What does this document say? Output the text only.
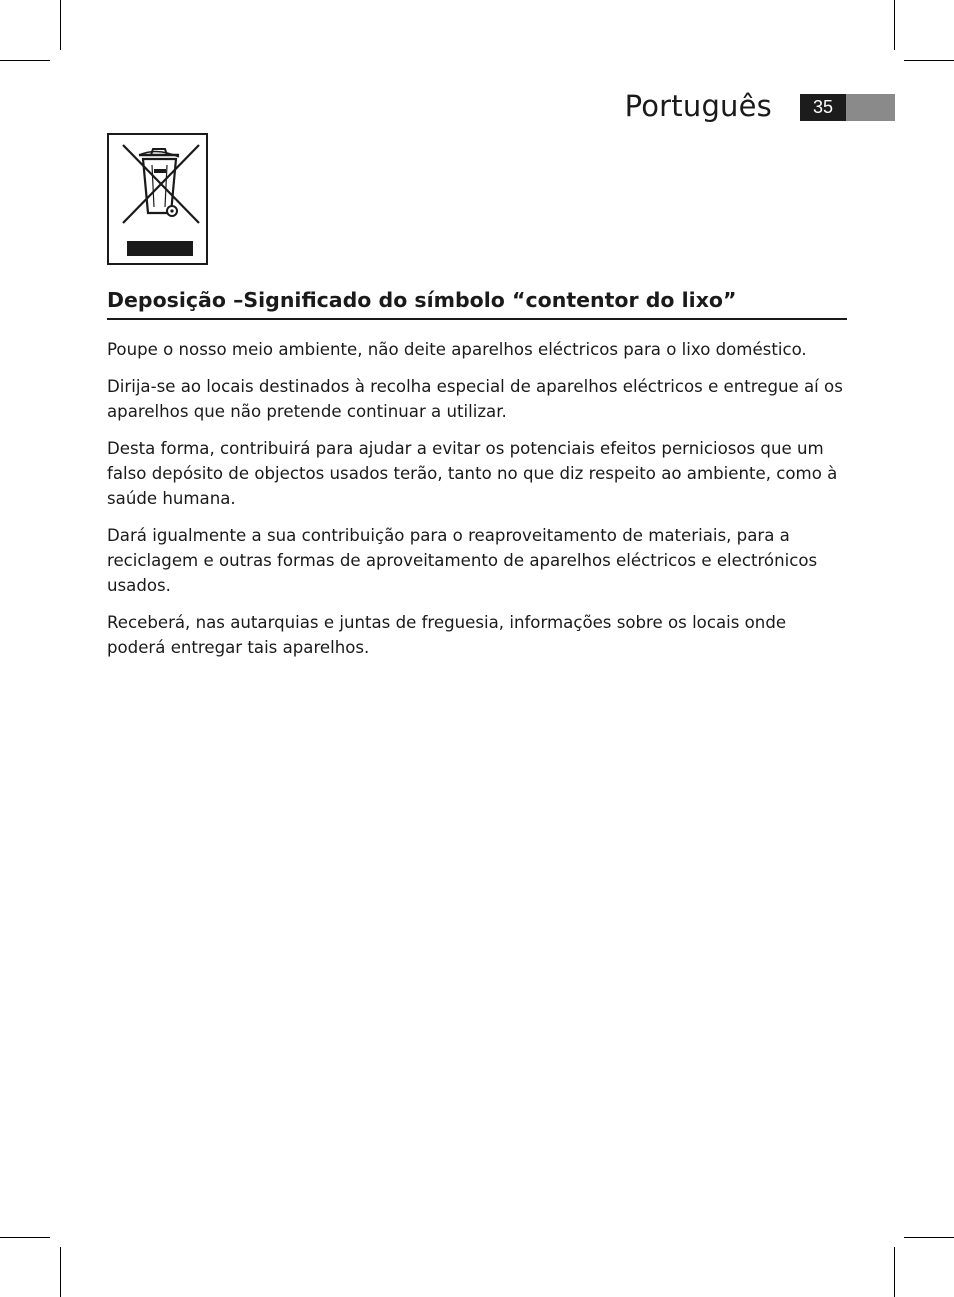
Português	35
Deposição –Significado do símbolo “contentor do lixo”

Poupe o nosso meio ambiente, não deite aparelhos eléctricos para o lixo doméstico.

Dirija-se ao locais destinados à recolha especial de aparelhos eléctricos e entregue aí os aparelhos que não pretende continuar a utilizar.

Desta forma, contribuirá para ajudar a evitar os potenciais efeitos perniciosos que um falso depósito de objectos usados terão, tanto no que diz respeito ao ambiente, como à saúde humana.

Dará igualmente a sua contribuição para o reaproveitamento de materiais, para a reciclagem e outras formas de aproveitamento de aparelhos eléctricos e electrónicos usados.

Receberá, nas autarquias e juntas de freguesia, informações sobre os locais onde poderá entregar tais aparelhos.
